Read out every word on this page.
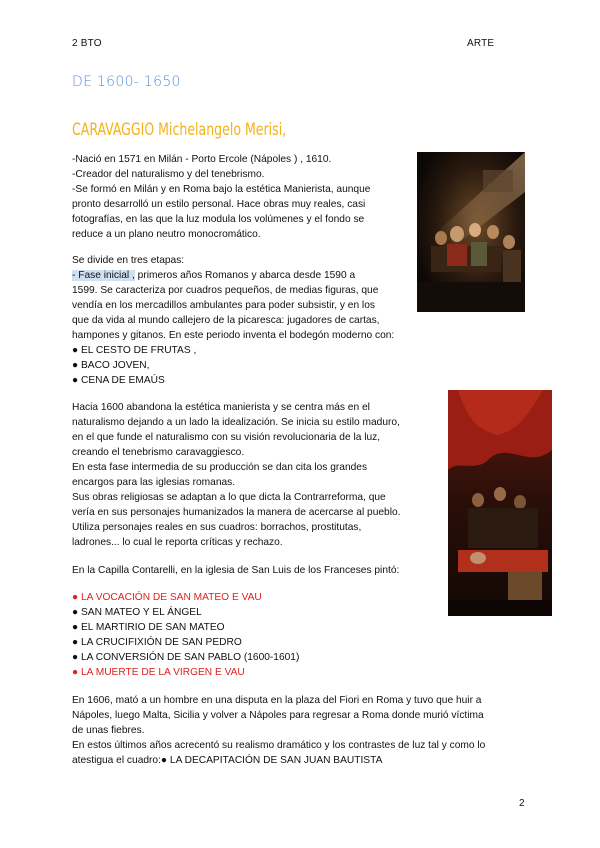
2 BTO	ARTE
DE 1600- 1650
CARAVAGGIO Michelangelo Merisi,
-Nació en 1571 en Milán - Porto Ercole (Nápoles ) , 1610.
-Creador del naturalismo y del tenebrismo.
-Se formó en Milán y en Roma bajo la estética Manierista, aunque
pronto desarrolló un estilo personal. Hace obras muy reales, casi
fotografías, en las que la luz modula los volúmenes y el fondo se
reduce a un plano neutro monocromático.
Se divide en tres etapas:
- Fase inicial , primeros años Romanos y abarca desde 1590 a
1599. Se caracteriza por cuadros pequeños, de medias figuras, que
vendía en los mercadillos ambulantes para poder subsistir, y en los
que da vida al mundo callejero de la picaresca: jugadores de cartas,
hampones y gitanos. En este periodo inventa el bodegón moderno con:
● EL CESTO DE FRUTAS ,
● BACO JOVEN,
● CENA DE EMAÚS
Hacia 1600 abandona la estética manierista y se centra más en el
naturalismo dejando a un lado la idealización. Se inicia su estilo maduro,
en el que funde el naturalismo con su visión revolucionaria de la luz,
creando el tenebrismo caravaggiesco.
En esta fase intermedia de su producción se dan cita los grandes
encargos para las iglesias romanas.
Sus obras religiosas se adaptan a lo que dicta la Contrarreforma, que
vería en sus personajes humanizados la manera de acercarse al pueblo.
Utiliza personajes reales en sus cuadros: borrachos, prostitutas,
ladrones... lo cual le reporta críticas y rechazo.
En la Capilla Contarelli, en la iglesia de San Luis de los Franceses pintó:
● LA VOCACIÓN DE SAN MATEO E VAU
● SAN MATEO Y EL ÁNGEL
● EL MARTIRIO DE SAN MATEO
● LA CRUCIFIXIÓN DE SAN PEDRO
● LA CONVERSIÓN DE SAN PABLO (1600-1601)
● LA MUERTE DE LA VIRGEN E VAU
En 1606, mató a un hombre en una disputa en la plaza del Fiori en Roma y tuvo que huir a
Nápoles, luego Malta, Sicilia y volver a Nápoles para regresar a Roma donde murió víctima
de unas fiebres.
En estos últimos años acrecentó su realismo dramático y los contrastes de luz tal y como lo
atestigua el cuadro:● LA DECAPITACIÓN DE SAN JUAN BAUTISTA
2
